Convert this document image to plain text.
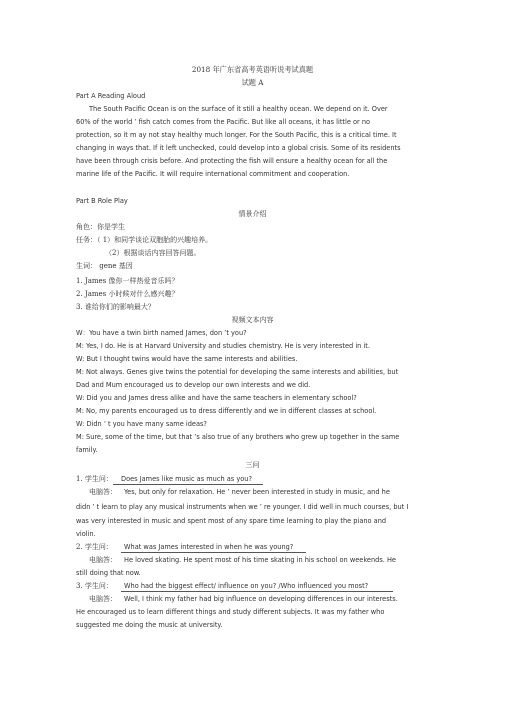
2018 年广东省高考英语听说考试真题
试题 A
Part A Reading Aloud
The South Pacific Ocean is on the surface of it still a healthy ocean. We depend on it. Over
60% of the world ’ fish catch comes from the Pacific. But like all oceans, it has little or no
protection, so it m ay not stay healthy much longer. For the South Pacific, this is a critical time. It
changing in ways that. If it left unchecked, could develop into a global crisis. Some of its residents
have been through crisis before. And protecting the fish will ensure a healthy ocean for all the
marine life of the Pacific. It will require international commitment and cooperation.
Part B Role Play
情景介绍
角色：你是学生
任务：（ 1）和同学谈论双胞胎的兴趣培养。
（2）根据谈话内容回答问题。
生词： gene 基因
1. James 像你一样热爱音乐吗？
2. James 小时候对什么感兴趣？
3. 谁给你们的影响最大？
视频文本内容
W：You have a twin birth named James, don ’t you?
M: Yes, I do. He is at Harvard University and studies chemistry. He is very interested in it.
W: But I thought twins would have the same interests and abilities.
M: Not always. Genes give twins the potential for developing the same interests and abilities, but
Dad and Mum encouraged us to develop our own interests and we did.
W: Did you and James dress alike and have the same teachers in elementary school?
M: No, my parents encouraged us to dress differently and we in different classes at school.
W: Didn ’ t you have many same ideas?
M: Sure, some of the time, but that ’s also true of any brothers who grew up together in the same
family.
三问
1. 学生问： Does James like music as much as you?
电脑答： Yes, but only for relaxation. He ’ never been interested in study in music, and he
didn ’ t learn to play any musical instruments when we ’ re younger. I did well in much courses, but I
was very interested in music and spent most of any spare time learning to play the piano and
violin.
2. 学生问： What was James interested in when he was young?
电脑答： He loved skating. He spent most of his time skating in his school on weekends. He
still doing that now.
3. 学生问： Who had the biggest effect/ influence on you? /Who influenced you most?
电脑答： Well, I think my father had big influence on developing differences in our interests.
He encouraged us to learn different things and study different subjects. It was my father who
suggested me doing the music at university.
